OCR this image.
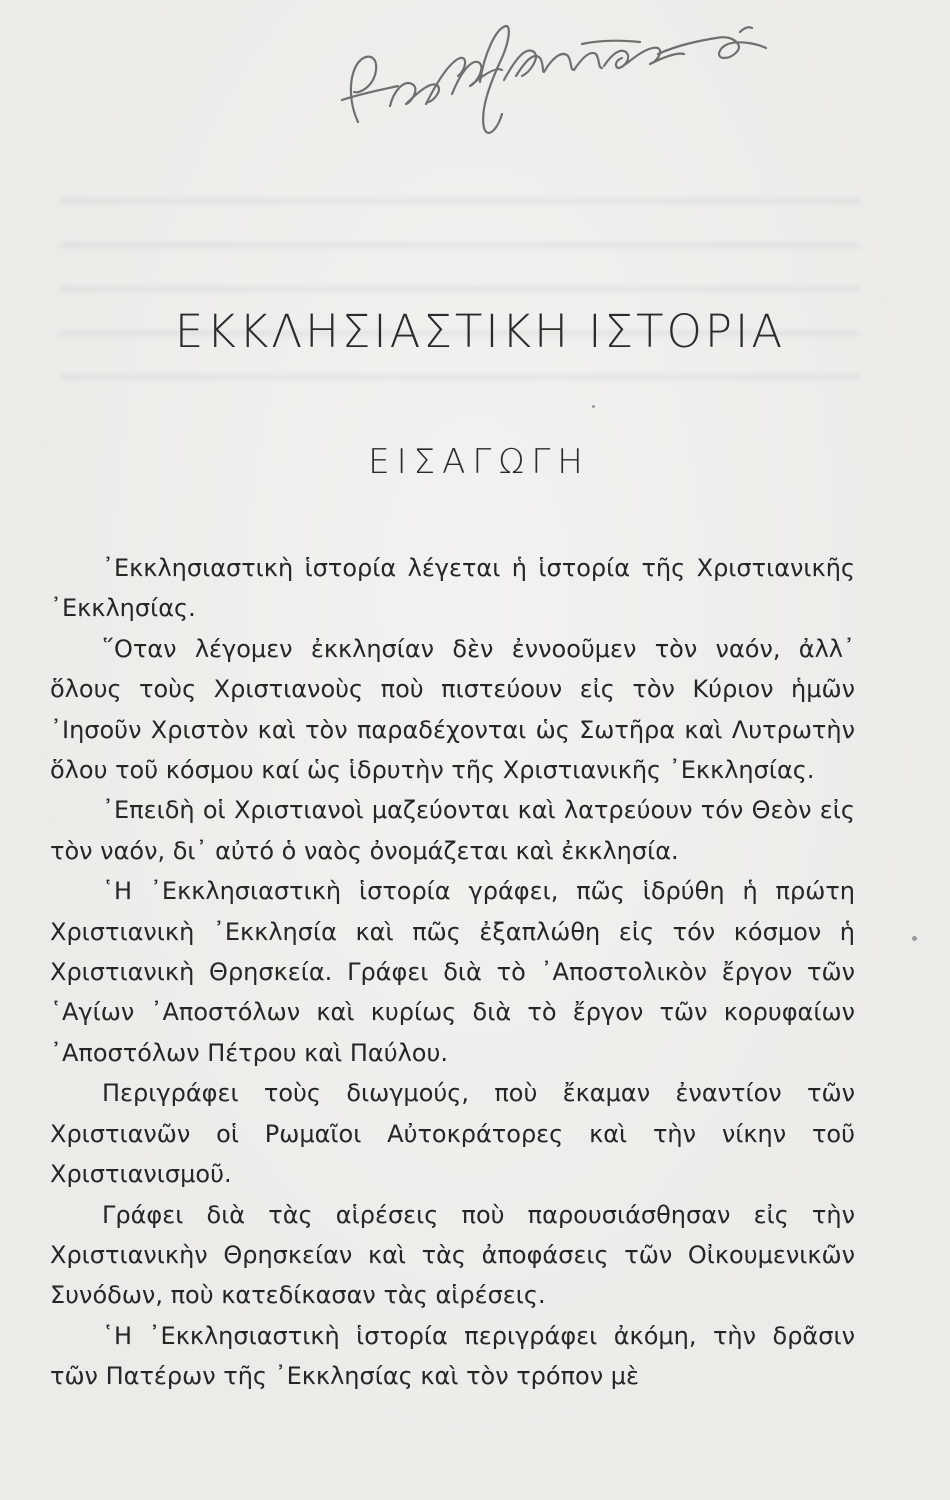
ΕΚΚΛΗΣΙΑΣΤΙΚΗ ΙΣΤΟΡΙΑ
ΕΙΣΑΓΩΓΗ

᾿Εκκλησιαστικὴ ἱστορία λέγεται ἡ ἱστορία τῆς Χριστιανικῆς ᾿Εκκλησίας.

῞Οταν λέγομεν ἐκκλησίαν δὲν ἐννοοῦμεν τὸν ναόν, ἀλλ᾿ ὅλους τοὺς Χριστιανοὺς ποὺ πιστεύουν εἰς τὸν Κύριον ἡμῶν ᾿Ιησοῦν Χριστὸν καὶ τὸν παραδέχονται ὡς Σωτῆρα καὶ Λυτρωτὴν ὅλου τοῦ κόσμου καί ὡς ἱδρυτὴν τῆς Χριστιανικῆς ᾿Εκκλησίας.

᾿Επειδὴ οἱ Χριστιανοὶ μαζεύονται καὶ λατρεύουν τόν Θεὸν εἰς τὸν ναόν, δι᾿ αὐτό ὁ ναὸς ὀνομάζεται καὶ ἐκκλησία.

῾Η ᾿Εκκλησιαστικὴ ἱστορία γράφει, πῶς ἱδρύθη ἡ πρώτη Χριστιανικὴ ᾿Εκκλησία καὶ πῶς ἐξαπλώθη εἰς τόν κόσμον ἡ Χριστιανικὴ Θρησκεία. Γράφει διὰ τὸ ᾿Αποστολικὸν ἔργον τῶν ῾Αγίων ᾿Αποστόλων καὶ κυρίως διὰ τὸ ἔργον τῶν κορυφαίων ᾿Αποστόλων Πέτρου καὶ Παύλου.

Περιγράφει τοὺς διωγμούς, ποὺ ἔκαμαν ἐναντίον τῶν Χριστιανῶν οἱ Ρωμαῖοι Αὐτοκράτορες καὶ τὴν νίκην τοῦ Χριστιανισμοῦ.

Γράφει διὰ τὰς αἱρέσεις ποὺ παρουσιάσθησαν εἰς τὴν Χριστιανικὴν Θρησκείαν καὶ τὰς ἀποφάσεις τῶν Οἰκουμενικῶν Συνόδων, ποὺ κατεδίκασαν τὰς αἱρέσεις.

῾Η ᾿Εκκλησιαστικὴ ἱστορία περιγράφει ἀκόμη, τὴν δρᾶσιν τῶν Πατέρων τῆς ᾿Εκκλησίας καὶ τὸν τρόπον μὲ
